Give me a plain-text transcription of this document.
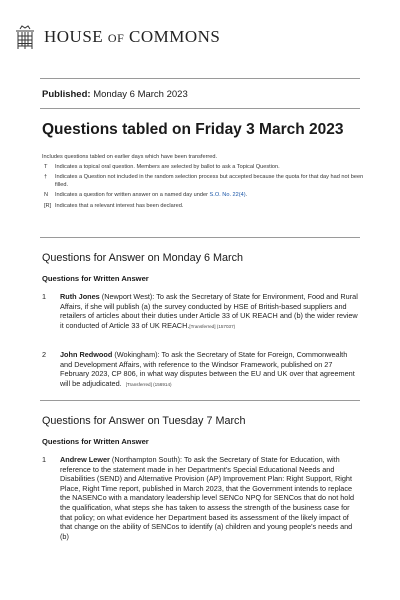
HOUSE OF COMMONS
Published: Monday 6 March 2023
Questions tabled on Friday 3 March 2023
Includes questions tabled on earlier days which have been transferred.
T	Indicates a topical oral question. Members are selected by ballot to ask a Topical Question.
†	Indicates a Question not included in the random selection process but accepted because the quota for that day had not been filled.
N	Indicates a question for written answer on a named day under S.O. No. 22(4).
[R] Indicates that a relevant interest has been declared.
Questions for Answer on Monday 6 March
Questions for Written Answer
1	Ruth Jones (Newport West): To ask the Secretary of State for Environment, Food and Rural Affairs, if she will publish (a) the survey conducted by HSE of British-based suppliers and retailers of articles about their duties under Article 33 of UK REACH and (b) the wider review it conducted of Article 33 of UK REACH.[Transferred] (157037)
2	John Redwood (Wokingham): To ask the Secretary of State for Foreign, Commonwealth and Development Affairs, with reference to the Windsor Framework, published on 27 February 2023, CP 806, in what way disputes between the EU and UK over that agreement will be adjudicated. [Transferred] (156914)
Questions for Answer on Tuesday 7 March
Questions for Written Answer
1	Andrew Lewer (Northampton South): To ask the Secretary of State for Education, with reference to the statement made in her Department's Special Educational Needs and Disabilities (SEND) and Alternative Provision (AP) Improvement Plan: Right Support, Right Place, Right Time report, published in March 2023, that the Government intends to replace the NASENCo with a mandatory leadership level SENCo NPQ for SENCos that do not hold the qualification, what steps she has taken to assess the strength of the business case for that policy; on what evidence her Department based its assessment of the likely impact of that change on the ability of SENCos to identify (a) children and young people's needs and (b)
